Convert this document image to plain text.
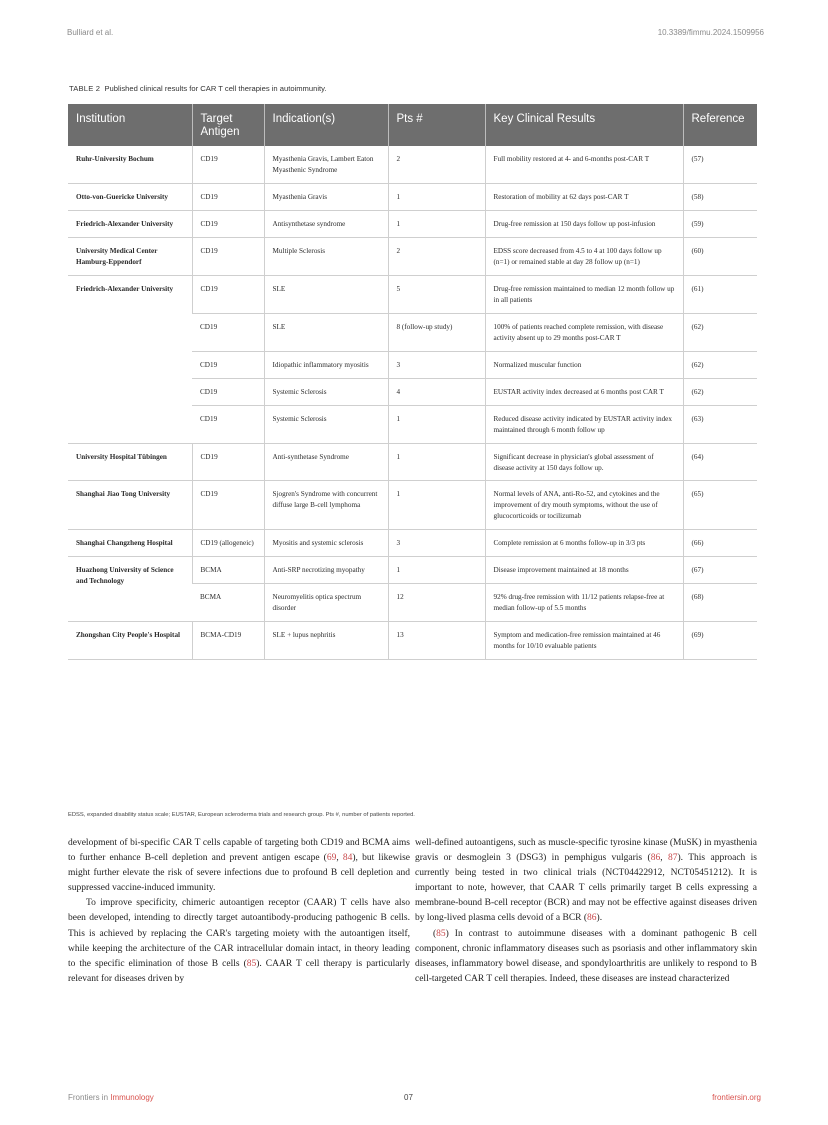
Bulliard et al.	10.3389/fimmu.2024.1509956
TABLE 2 Published clinical results for CAR T cell therapies in autoimmunity.
Institution	Target Antigen	Indication(s)	Pts #	Key Clinical Results	Reference
Ruhr-University Bochum	CD19	Myasthenia Gravis, Lambert Eaton Myasthenic Syndrome	2	Full mobility restored at 4- and 6-months post-CAR T	(57)
Otto-von-Guericke University	CD19	Myasthenia Gravis	1	Restoration of mobility at 62 days post-CAR T	(58)
Friedrich-Alexander University	CD19	Antisynthetase syndrome	1	Drug-free remission at 150 days follow up post-infusion	(59)
University Medical Center Hamburg-Eppendorf	CD19	Multiple Sclerosis	2	EDSS score decreased from 4.5 to 4 at 100 days follow up (n=1) or remained stable at day 28 follow up (n=1)	(60)
Friedrich-Alexander University	CD19	SLE	5	Drug-free remission maintained to median 12 month follow up in all patients	(61)
	CD19	SLE	8 (follow-up study)	100% of patients reached complete remission, with disease activity absent up to 29 months post-CAR T	(62)
	CD19	Idiopathic inflammatory myositis	3	Normalized muscular function	(62)
	CD19	Systemic Sclerosis	4	EUSTAR activity index decreased at 6 months post CAR T	(62)
	CD19	Systemic Sclerosis	1	Reduced disease activity indicated by EUSTAR activity index maintained through 6 month follow up	(63)
University Hospital Tübingen	CD19	Anti-synthetase Syndrome	1	Significant decrease in physician's global assessment of disease activity at 150 days follow up.	(64)
Shanghai Jiao Tong University	CD19	Sjogren's Syndrome with concurrent diffuse large B-cell lymphoma	1	Normal levels of ANA, anti-Ro-52, and cytokines and the improvement of dry mouth symptoms, without the use of glucocorticoids or tocilizumab	(65)
Shanghai Changzheng Hospital	CD19 (allogeneic)	Myositis and systemic sclerosis	3	Complete remission at 6 months follow-up in 3/3 pts	(66)
Huazhong University of Science and Technology	BCMA	Anti-SRP necrotizing myopathy	1	Disease improvement maintained at 18 months	(67)
	BCMA	Neuromyelitis optica spectrum disorder	12	92% drug-free remission with 11/12 patients relapse-free at median follow-up of 5.5 months	(68)
Zhongshan City People's Hospital	BCMA-CD19	SLE + lupus nephritis	13	Symptom and medication-free remission maintained at 46 months for 10/10 evaluable patients	(69)
EDSS, expanded disability status scale; EUSTAR, European scleroderma trials and research group. Pts #, number of patients reported.

development of bi-specific CAR T cells capable of targeting both CD19 and BCMA aims to further enhance B-cell depletion and prevent antigen escape (69, 84), but likewise might further elevate the risk of severe infections due to profound B cell depletion and suppressed vaccine-induced immunity.

To improve specificity, chimeric autoantigen receptor (CAAR) T cells have also been developed, intending to directly target autoantibody-producing pathogenic B cells. This is achieved by replacing the CAR's targeting moiety with the autoantigen itself, while keeping the architecture of the CAR intracellular domain intact, in theory leading to the specific elimination of those B cells (85). CAAR T cell therapy is particularly relevant for diseases driven by

well-defined autoantigens, such as muscle-specific tyrosine kinase (MuSK) in myasthenia gravis or desmoglein 3 (DSG3) in pemphigus vulgaris (86, 87). This approach is currently being tested in two clinical trials (NCT04422912, NCT05451212). It is important to note, however, that CAAR T cells primarily target B cells expressing a membrane-bound B-cell receptor (BCR) and may not be effective against diseases driven by long-lived plasma cells devoid of a BCR (86).

(85) In contrast to autoimmune diseases with a dominant pathogenic B cell component, chronic inflammatory diseases such as psoriasis and other inflammatory skin diseases, inflammatory bowel disease, and spondyloarthritis are unlikely to respond to B cell-targeted CAR T cell therapies. Indeed, these diseases are instead characterized

Frontiers in Immunology	07	frontiersin.org
